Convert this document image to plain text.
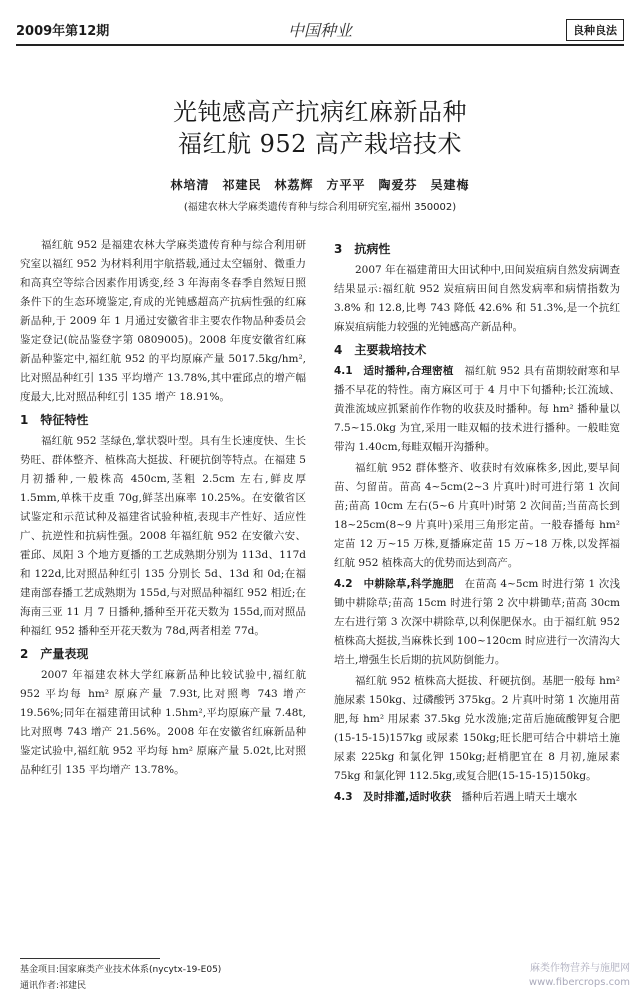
2009年第12期	中国种业	良种良法
光钝感高产抗病红麻新品种
福红航 952 高产栽培技术
林培清　祁建民　林荔辉　方平平　陶爱芬　吴建梅
(福建农林大学麻类遗传育种与综合利用研究室,福州 350002)

福红航 952 是福建农林大学麻类遗传育种与综合利用研究室以福红 952 为材料利用宇航搭载,通过太空辐射、微重力和高真空等综合因素作用诱变,经 3 年海南冬春季自然短日照条件下的生态环境鉴定,育成的光钝感超高产抗病性强的红麻新品种,于 2009 年 1 月通过安徽省非主要农作物品种委员会鉴定登记(皖品鉴登字第 0809005)。2008 年度安徽省红麻新品种鉴定中,福红航 952 的平均原麻产量 5017.5kg/hm²,比对照品种红引 135 平均增产 13.78%,其中霍邱点的增产幅度最大,比对照品种红引 135 增产 18.91%。

1　特征特性

福红航 952 茎绿色,掌状裂叶型。具有生长速度快、生长势旺、群体整齐、植株高大挺拔、秆硬抗倒等特点。在福建 5 月初播种,一般株高 450cm,茎粗 2.5cm 左右,鲜皮厚 1.5mm,单株干皮重 70g,鲜茎出麻率 10.25%。在安徽省区试鉴定和示范试种及福建省试验种植,表现丰产性好、适应性广、抗逆性和抗病性强。2008 年福红航 952 在安徽六安、霍邱、凤阳 3 个地方夏播的工艺成熟期分别为 113d、117d 和 122d,比对照品种红引 135 分别长 5d、13d 和 0d;在福建南部春播工艺成熟期为 155d,与对照品种福红 952 相近;在海南三亚 11 月 7 日播种,播种至开花天数为 155d,而对照品种福红 952 播种至开花天数为 78d,两者相差 77d。

2　产量表现

2007 年福建农林大学红麻新品种比较试验中,福红航 952 平均每 hm² 原麻产量 7.93t,比对照粤 743 增产 19.56%;同年在福建莆田试种 1.5hm²,平均原麻产量 7.48t,比对照粤 743 增产 21.56%。2008 年在安徽省红麻新品种鉴定试验中,福红航 952 平均每 hm² 原麻产量 5.02t,比对照品种红引 135 平均增产 13.78%。

3　抗病性

2007 年在福建莆田大田试种中,田间炭疽病自然发病调查结果显示:福红航 952 炭疽病田间自然发病率和病情指数为 3.8% 和 12.8,比粤 743 降低 42.6% 和 51.3%,是一个抗红麻炭疽病能力较强的光钝感高产新品种。

4　主要栽培技术

4.1　适时播种,合理密植　福红航 952 具有苗期较耐寒和早播不早花的特性。南方麻区可于 4 月中下旬播种;长江流域、黄淮流域应抓紧前作作物的收获及时播种。每 hm² 播种量以 7.5~15.0kg 为宜,采用一畦双幅的技术进行播种。一般畦宽带沟 1.40cm,每畦双幅开沟播种。

福红航 952 群体整齐、收获时有效麻株多,因此,要早间苗、匀留苗。苗高 4~5cm(2~3 片真叶)时可进行第 1 次间苗;苗高 10cm 左右(5~6 片真叶)时第 2 次间苗;当苗高长到 18~25cm(8~9 片真叶)采用三角形定苗。一般春播每 hm² 定苗 12 万~15 万株,夏播麻定苗 15 万~18 万株,以发挥福红航 952 植株高大的优势而达到高产。

4.2　中耕除草,科学施肥　在苗高 4~5cm 时进行第 1 次浅锄中耕除草;苗高 15cm 时进行第 2 次中耕锄草;苗高 30cm 左右进行第 3 次深中耕除草,以利保肥保水。由于福红航 952 植株高大挺拔,当麻株长到 100~120cm 时应进行一次清沟大培土,增强生长后期的抗风防倒能力。

福红航 952 植株高大挺拔、秆硬抗倒。基肥一般每 hm² 施尿素 150kg、过磷酸钙 375kg。2 片真叶时第 1 次施用苗肥,每 hm² 用尿素 37.5kg 兑水泼施;定苗后施硫酸钾复合肥(15-15-15)157kg 或尿素 150kg;旺长肥可结合中耕培土施尿素 225kg 和氯化钾 150kg;赶梢肥宜在 8 月初,施尿素 75kg 和氯化钾 112.5kg,或复合肥(15-15-15)150kg。

4.3　及时排灌,适时收获　播种后若遇上晴天土壤水

基金项目:国家麻类产业技术体系(nycytx-19-E05)
通讯作者:祁建民
麻类作物营养与施肥网
www.fibercrops.com
